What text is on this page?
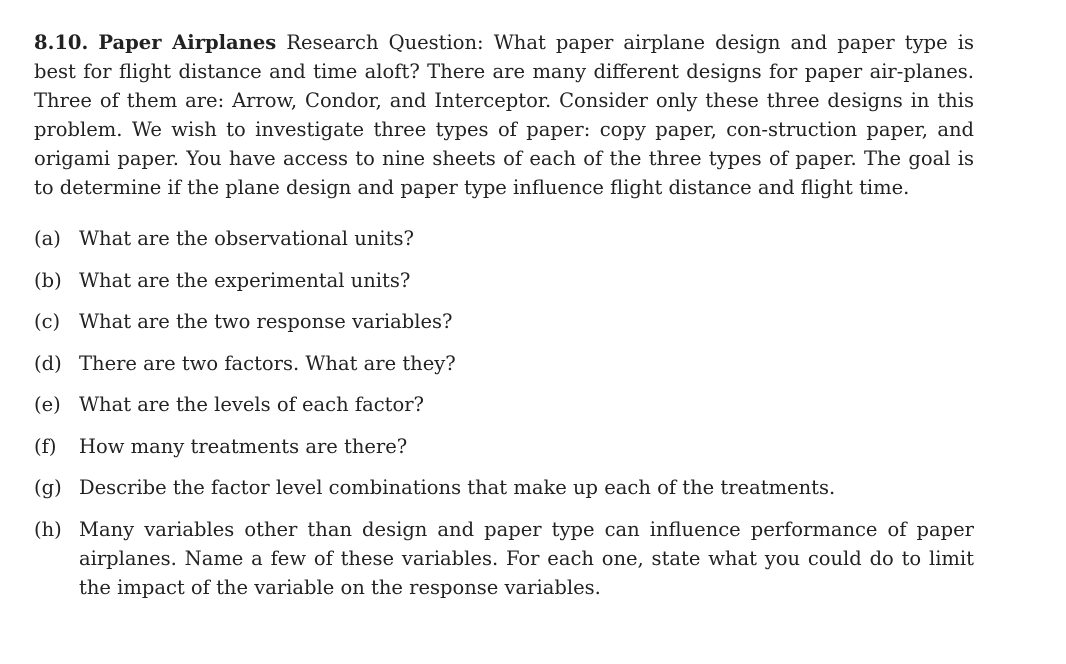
8.10. Paper Airplanes Research Question: What paper airplane design and paper type is best for flight distance and time aloft? There are many different designs for paper air-planes. Three of them are: Arrow, Condor, and Interceptor. Consider only these three designs in this problem. We wish to investigate three types of paper: copy paper, con-struction paper, and origami paper. You have access to nine sheets of each of the three types of paper. The goal is to determine if the plane design and paper type influence flight distance and flight time.

(a) What are the observational units?
(b) What are the experimental units?
(c) What are the two response variables?
(d) There are two factors. What are they?
(e) What are the levels of each factor?
(f)	How many treatments are there?
(g) Describe the factor level combinations that make up each of the treatments.
(h) Many variables other than design and paper type can influence performance of paper airplanes. Name a few of these variables. For each one, state what you could do to limit the impact of the variable on the response variables.
